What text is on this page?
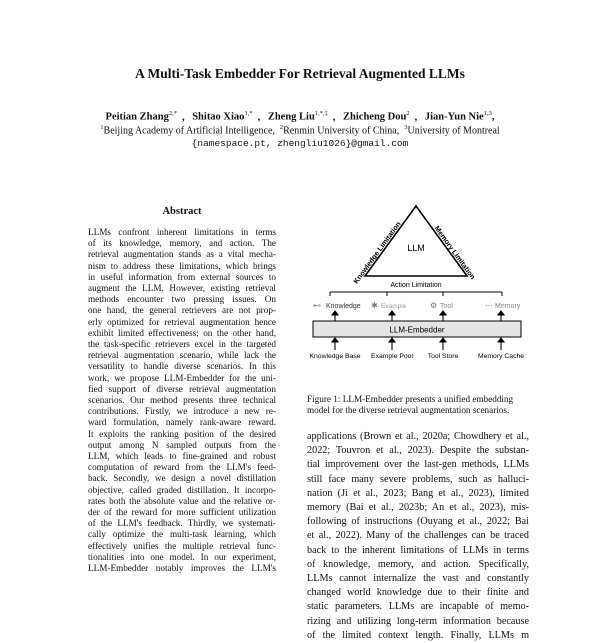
A Multi-Task Embedder For Retrieval Augmented LLMs
Peitian Zhang$^{2,*}$ , Shitao Xiao$^{1,*}$ , Zheng Liu$^{1,*,\ddagger}$ , Zhicheng Dou$^2$ , Jian-Yun Nie$^{1,3}$,
$^1$Beijing Academy of Artificial Intelligence, $^2$Renmin University of China, $^3$University of Montreal
{namespace.pt, zhengliu1026}@gmail.com
Abstract
LLMs confront inherent limitations in terms
of its knowledge, memory, and action. The
retrieval augmentation stands as a vital mecha-
nism to address these limitations, which brings
in useful information from external sources to
augment the LLM. However, existing retrieval
methods encounter two pressing issues. On
one hand, the general retrievers are not prop-
erly optimized for retrieval augmentation hence
exhibit limited effectiveness; on the other hand,
the task-specific retrievers excel in the targeted
retrieval augmentation scenario, while lack the
versatility to handle diverse scenarios. In this
work, we propose LLM-Embedder for the uni-
fied support of diverse retrieval augmentation
scenarios. Our method presents three technical
contributions. Firstly, we introduce a new re-
ward formulation, namely rank-aware reward.
It exploits the ranking position of the desired
output among N sampled outputs from the
LLM, which leads to fine-grained and robust
computation of reward from the LLM's feed-
back. Secondly, we design a novel distillation
objective, called graded distillation. It incorpo-
rates both the absolute value and the relative or-
der of the reward for more sufficient utilization
of the LLM's feedback. Thirdly, we systemati-
cally optimize the multi-task learning, which
effectively unifies the multiple retrieval func-
tionalities into one model. In our experiment,
LLM-Embedder notably improves the LLM's
LLM
Knowledge Limitation	Memory Limitation
Action Limitation
⊷ Knowledge ✱ Example	⚙ Tool	⋯ Memory
LLM-Embedder
Knowledge Base Example Pool Tool Store	Memory Cache
Figure 1: LLM-Embedder presents a unified embedding
model for the diverse retrieval augmentation scenarios.
applications (Brown et al., 2020a; Chowdhery et al.,
2022; Touvron et al., 2023). Despite the substan-
tial improvement over the last-gen methods, LLMs
still face many severe problems, such as halluci-
nation (Ji et al., 2023; Bang et al., 2023), limited
memory (Bai et al., 2023b; An et al., 2023), mis-
following of instructions (Ouyang et al., 2022; Bai
et al., 2022). Many of the challenges can be traced
back to the inherent limitations of LLMs in terms
of knowledge, memory, and action. Specifically,
LLMs cannot internalize the vast and constantly
changed world knowledge due to their finite and
static parameters. LLMs are incapable of memo-
rizing and utilizing long-term information because
of the limited context length. Finally, LLMs m
